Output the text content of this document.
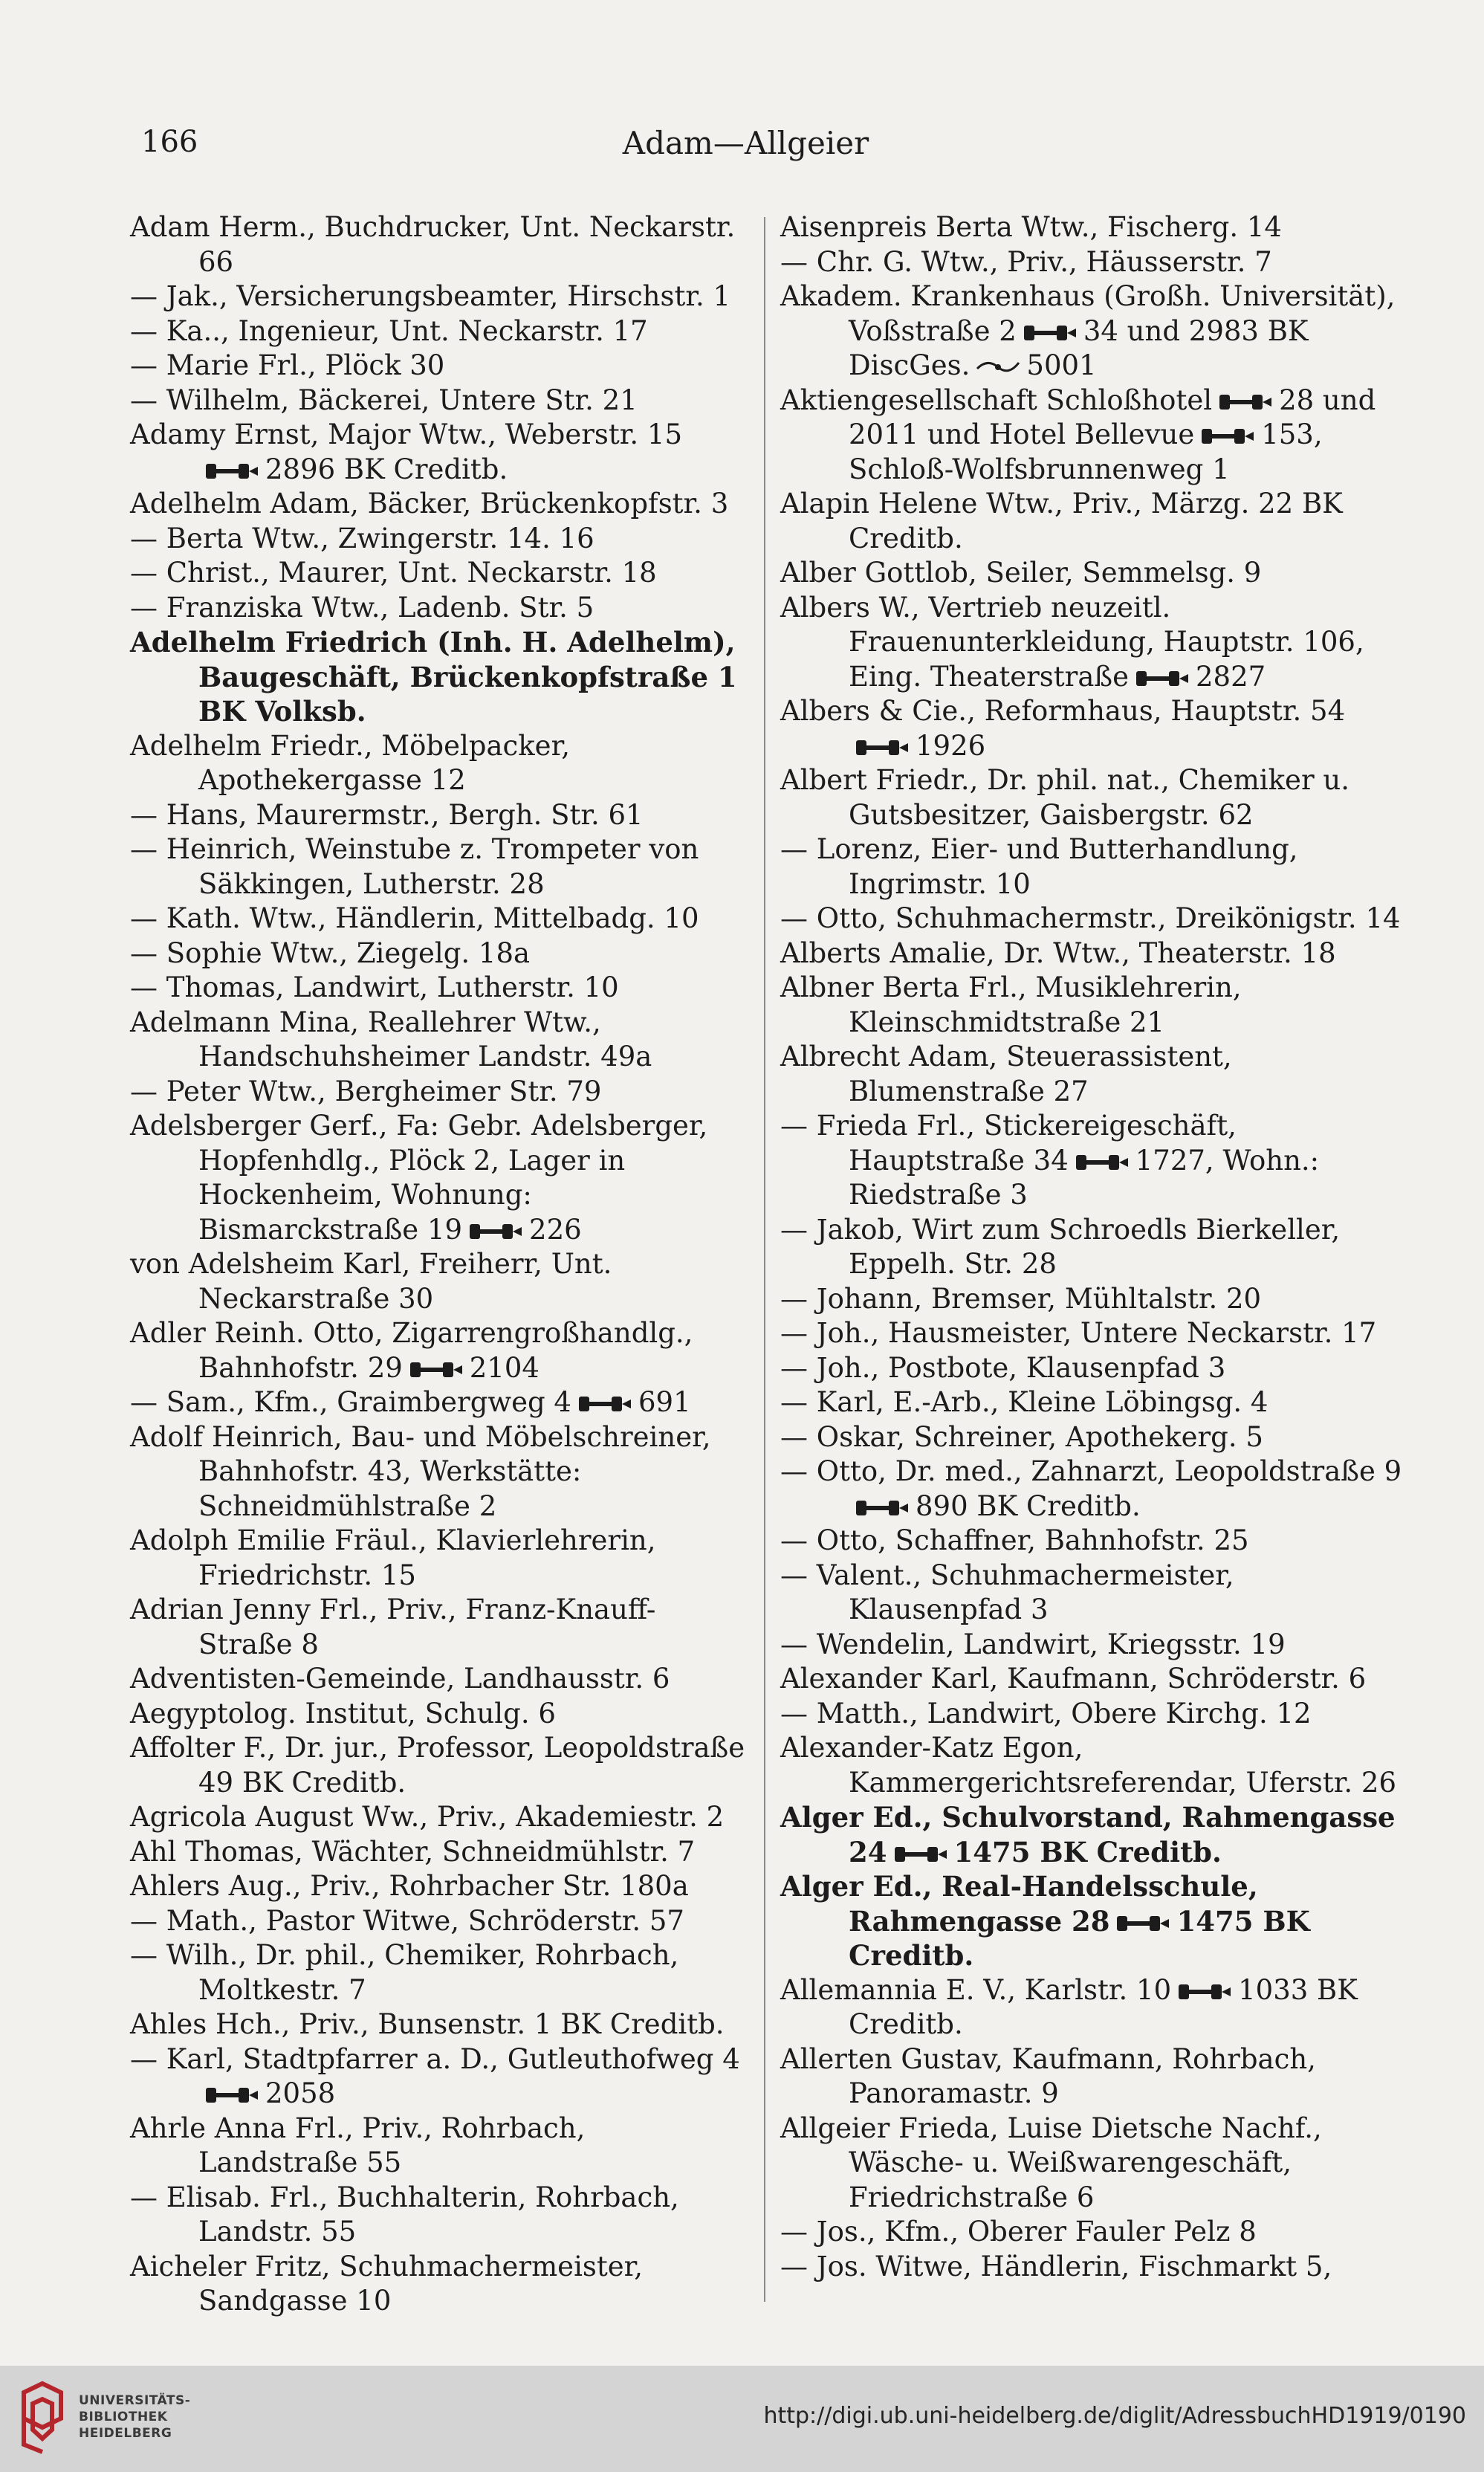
166	Adam—Allgeier

Adam Herm., Buchdrucker, Unt. Neckarstr. 66

— Jak., Versicherungsbeamter, Hirschstr. 1

— Ka.., Ingenieur, Unt. Neckarstr. 17

— Marie Frl., Plöck 30

— Wilhelm, Bäckerei, Untere Str. 21

Adamy Ernst, Major Wtw., Weberstr. 152896 BK Creditb.

Adelhelm Adam, Bäcker, Brückenkopfstr. 3

— Berta Wtw., Zwingerstr. 14. 16

— Christ., Maurer, Unt. Neckarstr. 18

— Franziska Wtw., Ladenb. Str. 5

Adelhelm Friedrich (Inh. H. Adelhelm), Baugeschäft, Brückenkopfstraße 1 BK Volksb.

Adelhelm Friedr., Möbelpacker, Apothekergasse 12

— Hans, Maurermstr., Bergh. Str. 61

— Heinrich, Weinstube z. Trompeter von Säkkingen, Lutherstr. 28

— Kath. Wtw., Händlerin, Mittelbadg. 10

— Sophie Wtw., Ziegelg. 18a

— Thomas, Landwirt, Lutherstr. 10

Adelmann Mina, Reallehrer Wtw., Handschuhsheimer Landstr. 49a

— Peter Wtw., Bergheimer Str. 79

Adelsberger Gerf., Fa: Gebr. Adelsberger, Hopfenhdlg., Plöck 2, Lager in Hockenheim, Wohnung: Bismarckstraße 19 226

von Adelsheim Karl, Freiherr, Unt. Neckarstraße 30

Adler Reinh. Otto, Zigarrengroßhandlg., Bahnhofstr. 29 2104

— Sam., Kfm., Graimbergweg 4 691

Adolf Heinrich, Bau- und Möbelschreiner, Bahnhofstr. 43, Werkstätte: Schneidmühlstraße 2

Adolph Emilie Fräul., Klavierlehrerin, Friedrichstr. 15

Adrian Jenny Frl., Priv., Franz-Knauff-Straße 8

Adventisten-Gemeinde, Landhausstr. 6

Aegyptolog. Institut, Schulg. 6

Affolter F., Dr. jur., Professor, Leopoldstraße 49 BK Creditb.

Agricola August Ww., Priv., Akademiestr. 2

Ahl Thomas, Wächter, Schneidmühlstr. 7

Ahlers Aug., Priv., Rohrbacher Str. 180a

— Math., Pastor Witwe, Schröderstr. 57

— Wilh., Dr. phil., Chemiker, Rohrbach, Moltkestr. 7

Ahles Hch., Priv., Bunsenstr. 1 BK Creditb.

— Karl, Stadtpfarrer a. D., Gutleuthofweg 42058

Ahrle Anna Frl., Priv., Rohrbach, Landstraße 55

— Elisab. Frl., Buchhalterin, Rohrbach, Landstr. 55

Aicheler Fritz, Schuhmachermeister, Sandgasse 10

Aisenpreis Berta Wtw., Fischerg. 14

— Chr. G. Wtw., Priv., Häusserstr. 7

Akadem. Krankenhaus (Großh. Universität), Voßstraße 2 34 und 2983 BK DiscGes. 5001

Aktiengesellschaft Schloßhotel 28 und 2011 und Hotel Bellevue 153, Schloß-Wolfsbrunnenweg 1

Alapin Helene Wtw., Priv., Märzg. 22 BK Creditb.

Alber Gottlob, Seiler, Semmelsg. 9

Albers W., Vertrieb neuzeitl. Frauenunterkleidung, Hauptstr. 106, Eing. Theaterstraße 2827

Albers & Cie., Reformhaus, Hauptstr. 541926

Albert Friedr., Dr. phil. nat., Chemiker u. Gutsbesitzer, Gaisbergstr. 62

— Lorenz, Eier- und Butterhandlung, Ingrimstr. 10

— Otto, Schuhmachermstr., Dreikönigstr. 14

Alberts Amalie, Dr. Wtw., Theaterstr. 18

Albner Berta Frl., Musiklehrerin, Kleinschmidtstraße 21

Albrecht Adam, Steuerassistent, Blumenstraße 27

— Frieda Frl., Stickereigeschäft, Hauptstraße 34 1727, Wohn.: Riedstraße 3

— Jakob, Wirt zum Schroedls Bierkeller, Eppelh. Str. 28

— Johann, Bremser, Mühltalstr. 20

— Joh., Hausmeister, Untere Neckarstr. 17

— Joh., Postbote, Klausenpfad 3

— Karl, E.-Arb., Kleine Löbingsg. 4

— Oskar, Schreiner, Apothekerg. 5

— Otto, Dr. med., Zahnarzt, Leopoldstraße 9890 BK Creditb.

— Otto, Schaffner, Bahnhofstr. 25

— Valent., Schuhmachermeister, Klausenpfad 3

— Wendelin, Landwirt, Kriegsstr. 19

Alexander Karl, Kaufmann, Schröderstr. 6

— Matth., Landwirt, Obere Kirchg. 12

Alexander-Katz Egon, Kammergerichtsreferendar, Uferstr. 26

Alger Ed., Schulvorstand, Rahmengasse 24 1475 BK Creditb.

Alger Ed., Real-Handelsschule, Rahmengasse 28 1475 BK Creditb.

Allemannia E. V., Karlstr. 10 1033 BK Creditb.

Allerten Gustav, Kaufmann, Rohrbach, Panoramastr. 9

Allgeier Frieda, Luise Dietsche Nachf., Wäsche- u. Weißwarengeschäft, Friedrichstraße 6

— Jos., Kfm., Oberer Fauler Pelz 8

— Jos. Witwe, Händlerin, Fischmarkt 5,

UNIVERSITÄTS-
BIBLIOTHEK
HEIDELBERG
http://digi.ub.uni-heidelberg.de/diglit/AdressbuchHD1919/0190
